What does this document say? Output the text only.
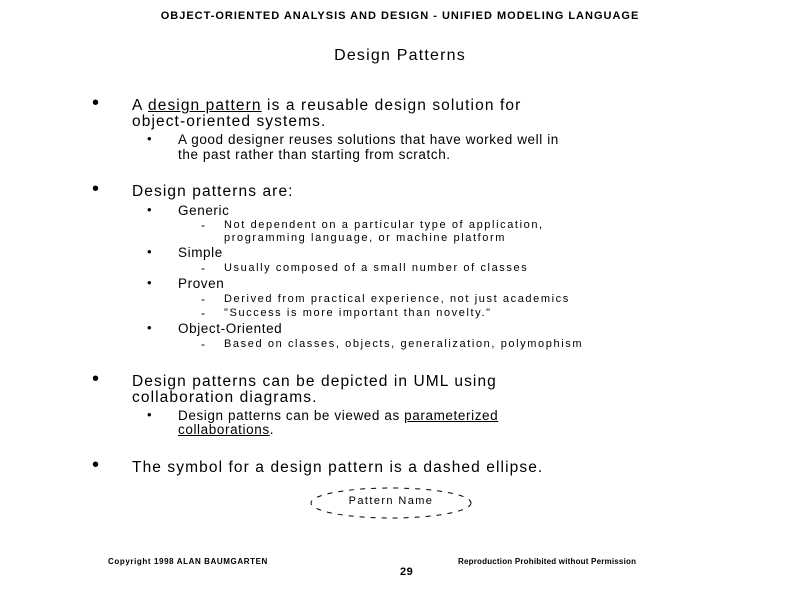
OBJECT-ORIENTED ANALYSIS AND DESIGN - UNIFIED MODELING LANGUAGE
Design Patterns
• A design pattern is a reusable design solution for
object-oriented systems.
• A good designer reuses solutions that have worked well in
the past rather than starting from scratch.
• Design patterns are:
• Generic
- Not dependent on a particular type of application,
programming language, or machine platform
• Simple
- Usually composed of a small number of classes
• Proven
- Derived from practical experience, not just academics
- "Success is more important than novelty."
• Object-Oriented
- Based on classes, objects, generalization, polymophism
• Design patterns can be depicted in UML using
collaboration diagrams.
• Design patterns can be viewed as parameterized
collaborations.
• The symbol for a design pattern is a dashed ellipse.
Pattern Name
Copyright 1998 ALAN BAUMGARTEN	Reproduction Prohibited without Permission
29
